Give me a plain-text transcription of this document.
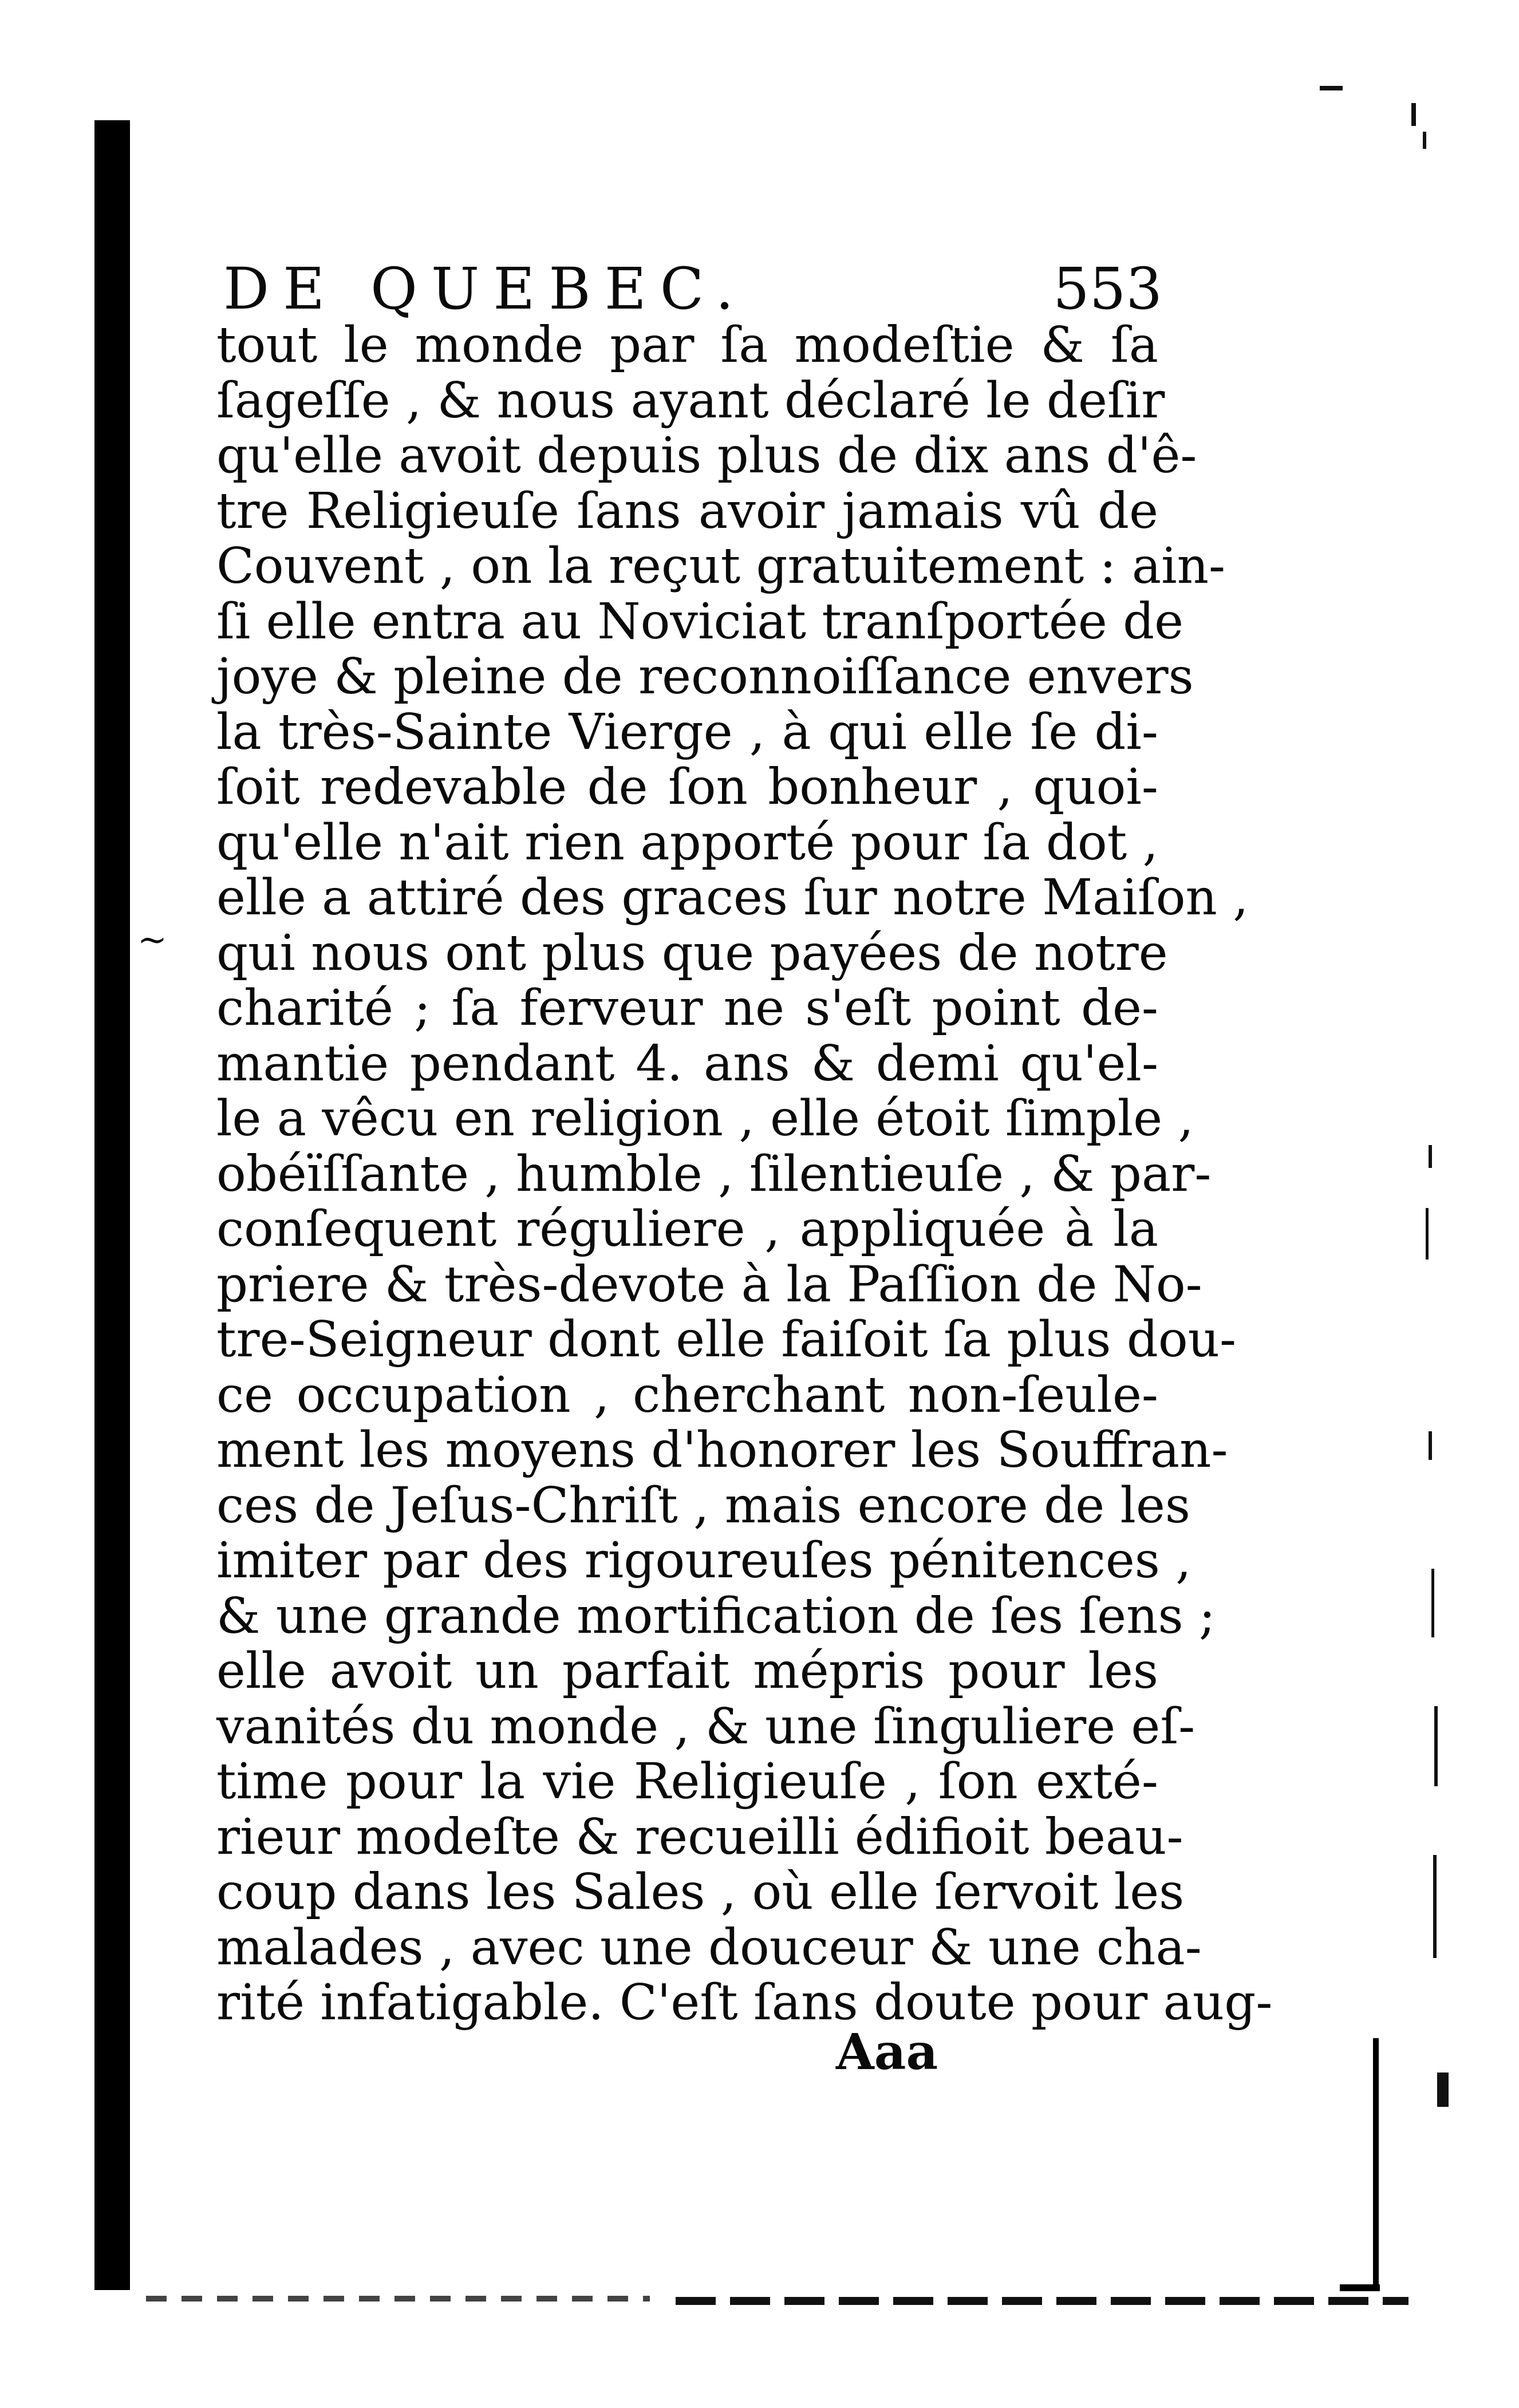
~
DE QUEBEC.	553
tout le monde par ſa modeſtie & ſa
ſageſſe , & nous ayant déclaré le deſir
qu'elle avoit depuis plus de dix ans d'ê-
tre Religieuſe ſans avoir jamais vû de
Couvent , on la reçut gratuitement : ain-
ſi elle entra au Noviciat tranſportée de
joye & pleine de reconnoiſſance envers
la très-Sainte Vierge , à qui elle ſe di-
ſoit redevable de ſon bonheur , quoi-
qu'elle n'ait rien apporté pour ſa dot ,
elle a attiré des graces ſur notre Maiſon ,
qui nous ont plus que payées de notre
charité ; ſa ferveur ne s'eſt point de-
mantie pendant 4. ans & demi qu'el-
le a vêcu en religion , elle étoit ſimple ,
obéïſſante , humble , ſilentieuſe , & par-
conſequent réguliere , appliquée à la
priere & très-devote à la Paſſion de No-
tre-Seigneur dont elle faiſoit ſa plus dou-
ce occupation , cherchant non-ſeule-
ment les moyens d'honorer les Souffran-
ces de Jeſus-Chriſt , mais encore de les
imiter par des rigoureuſes pénitences ,
& une grande mortification de ſes ſens ;
elle avoit un parfait mépris pour les
vanités du monde , & une ſinguliere eſ-
time pour la vie Religieuſe , ſon exté-
rieur modeſte & recueilli édifioit beau-
coup dans les Sales , où elle ſervoit les
malades , avec une douceur & une cha-
rité infatigable. C'eſt ſans doute pour aug-
Aaa
